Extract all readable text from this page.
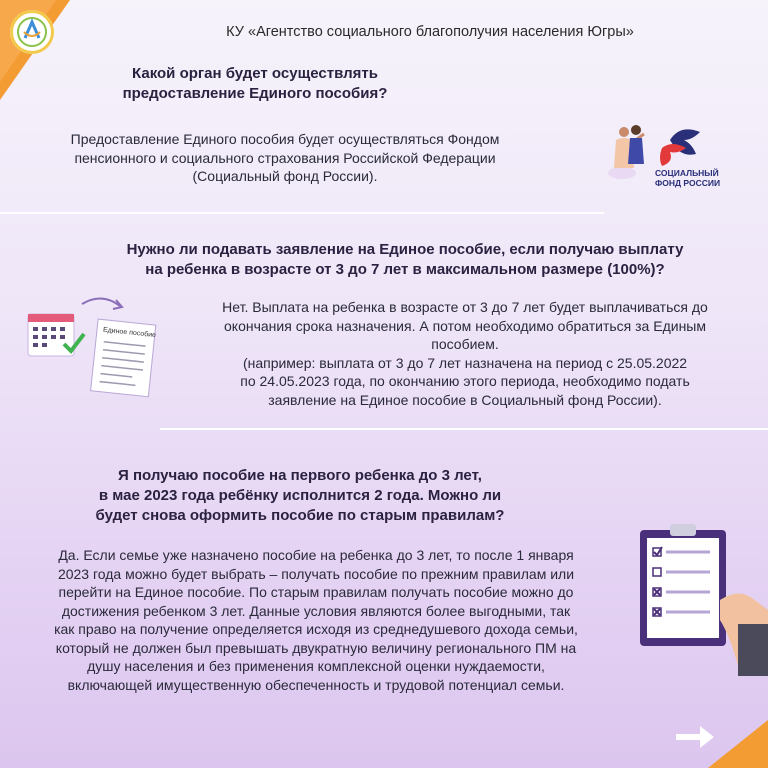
КУ «Агентство социального благополучия населения Югры»
Какой орган будет осуществлять
предоставление Единого пособия?
Предоставление Единого пособия будет осуществляться Фондом
пенсионного и социального страхования Российской Федерации
(Социальный фонд России).	СОЦИАЛЬНЫЙ
ФОНД РОССИИ
Нужно ли подавать заявление на Единое пособие, если получаю выплату
на ребенка в возрасте от 3 до 7 лет в максимальном размере (100%)?
Единое пособие
Нет. Выплата на ребенка в возрасте от 3 до 7 лет будет выплачиваться до
окончания срока назначения. А потом необходимо обратиться за Единым
пособием.
(например: выплата от 3 до 7 лет назначена на период с 25.05.2022
по 24.05.2023 года, по окончанию этого периода, необходимо подать
заявление на Единое пособие в Социальный фонд России).
Я получаю пособие на первого ребенка до 3 лет,
в мае 2023 года ребёнку исполнится 2 года. Можно ли
будет снова оформить пособие по старым правилам?
Да. Если семье уже назначено пособие на ребенка до 3 лет, то после 1 января
2023 года можно будет выбрать – получать пособие по прежним правилам или
перейти на Единое пособие. По старым правилам получать пособие можно до
достижения ребенком 3 лет. Данные условия являются более выгодными, так
как право на получение определяется исходя из среднедушевого дохода семьи,
который не должен был превышать двукратную величину регионального ПМ на
душу населения и без применения комплексной оценки нуждаемости,
включающей имущественную обеспеченность и трудовой потенциал семьи.
